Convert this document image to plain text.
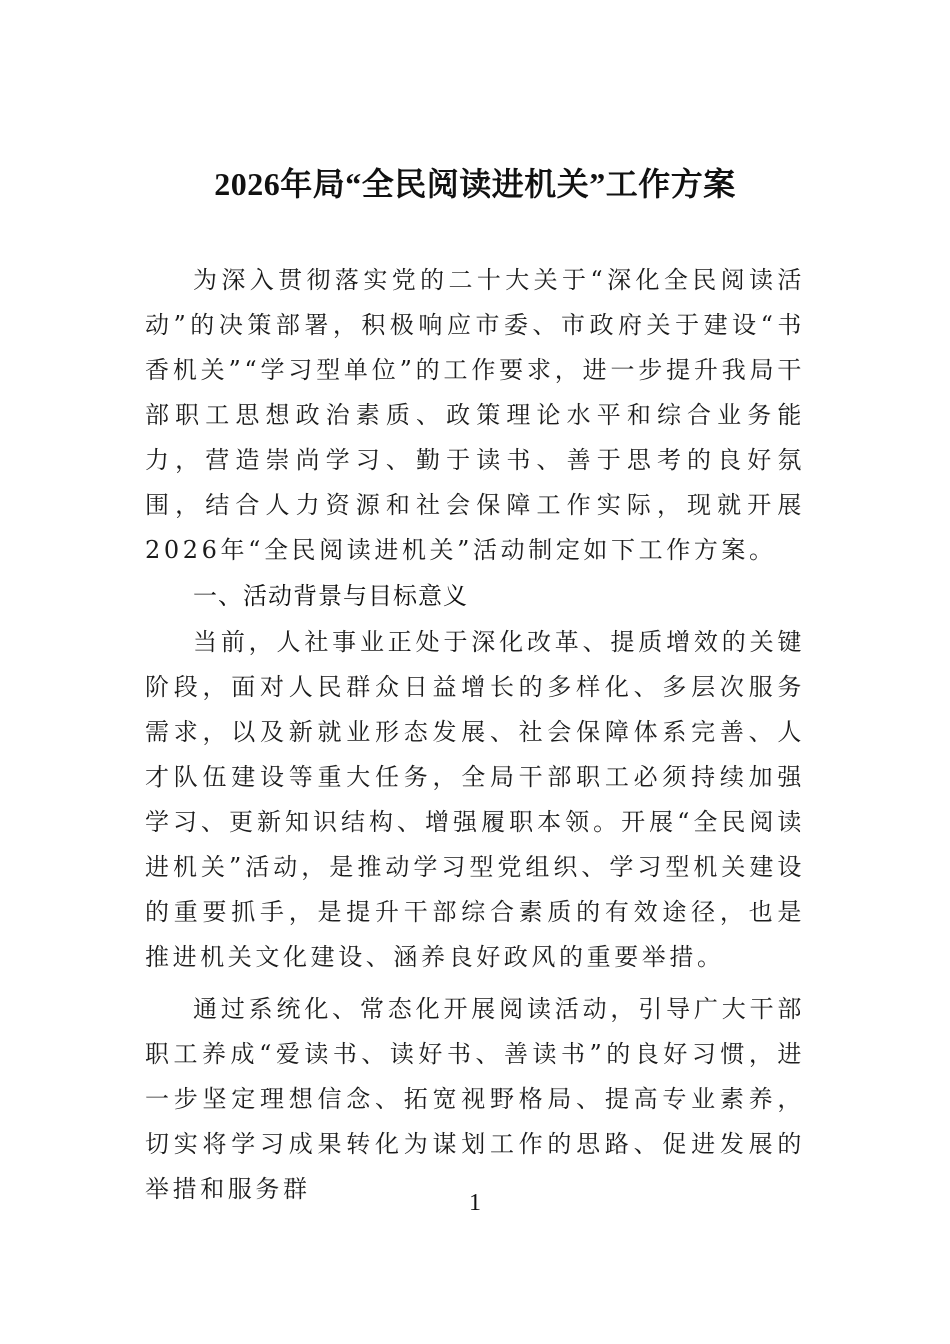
2026年局“全民阅读进机关”工作方案

为深入贯彻落实党的二十大关于“深化全民阅读活动”的决策部署，积极响应市委、市政府关于建设“书香机关”“学习型单位”的工作要求，进一步提升我局干部职工思想政治素质、政策理论水平和综合业务能力，营造崇尚学习、勤于读书、善于思考的良好氛围，结合人力资源和社会保障工作实际，现就开展2026年“全民阅读进机关”活动制定如下工作方案。

一、活动背景与目标意义

当前，人社事业正处于深化改革、提质增效的关键阶段，面对人民群众日益增长的多样化、多层次服务需求，以及新就业形态发展、社会保障体系完善、人才队伍建设等重大任务，全局干部职工必须持续加强学习、更新知识结构、增强履职本领。开展“全民阅读进机关”活动，是推动学习型党组织、学习型机关建设的重要抓手，是提升干部综合素质的有效途径，也是推进机关文化建设、涵养良好政风的重要举措。

通过系统化、常态化开展阅读活动，引导广大干部职工养成“爱读书、读好书、善读书”的良好习惯，进一步坚定理想信念、拓宽视野格局、提高专业素养，切实将学习成果转化为谋划工作的思路、促进发展的举措和服务群	1
